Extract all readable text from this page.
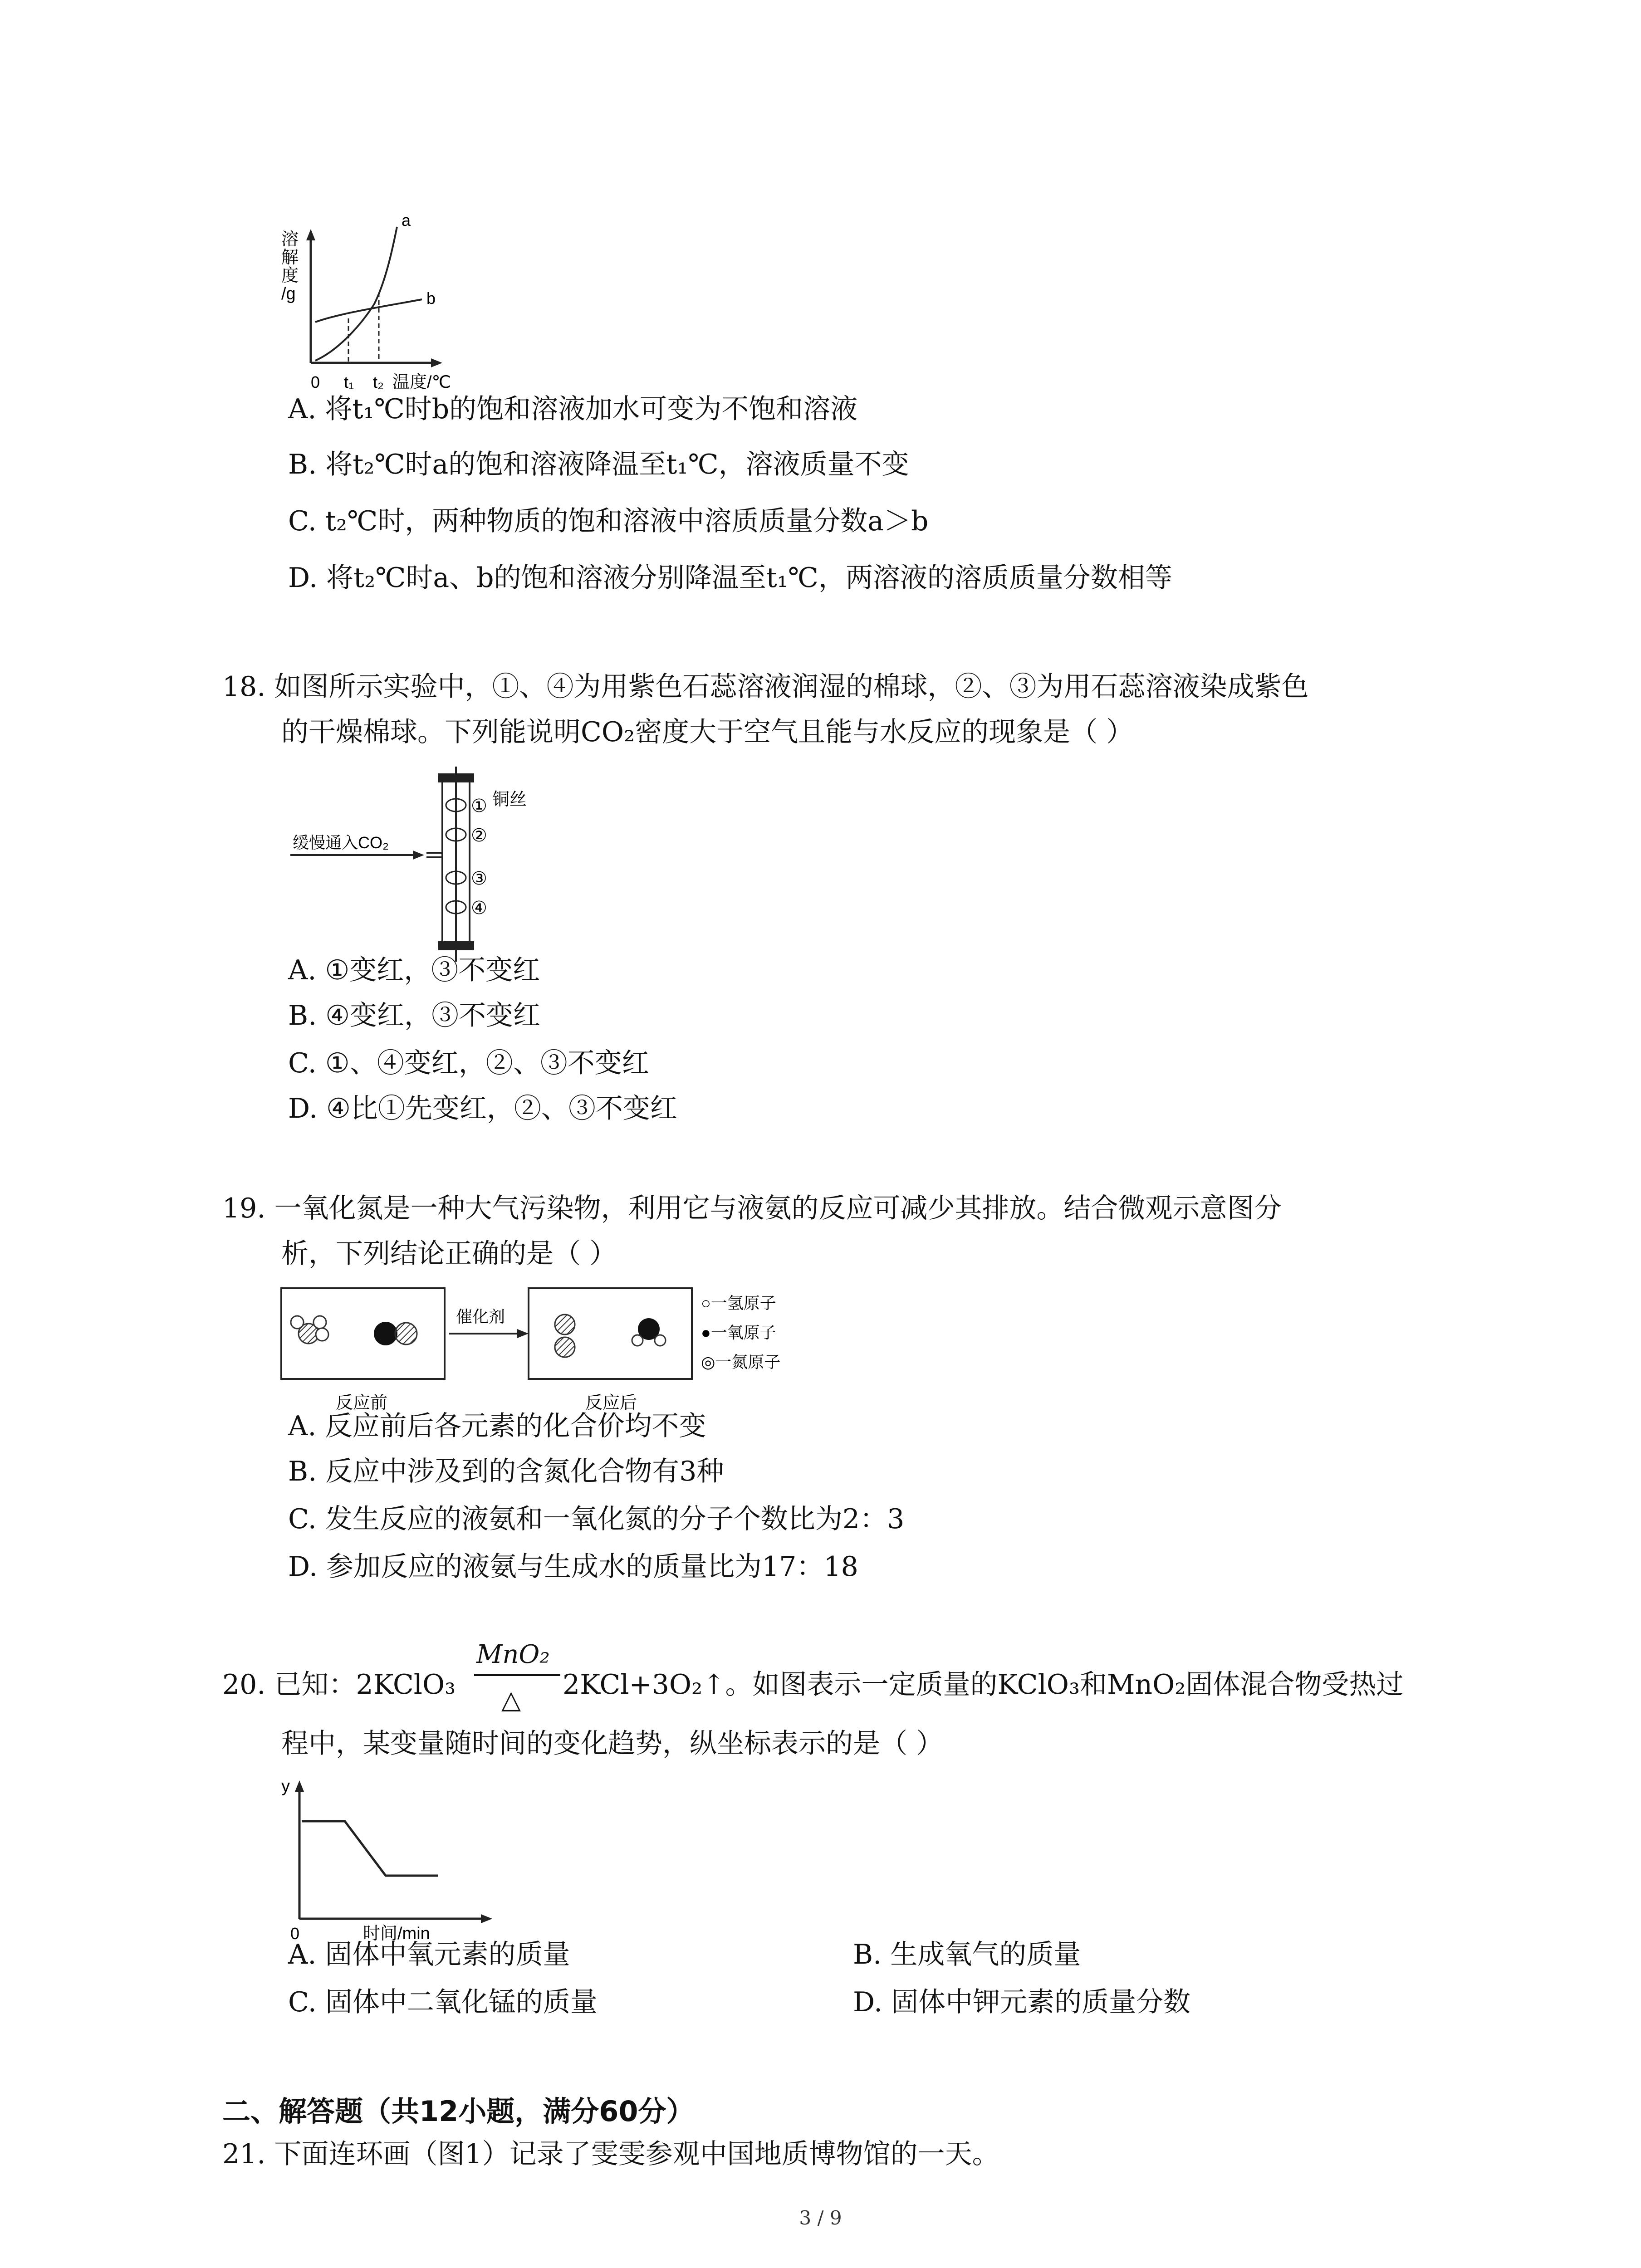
溶
解
度
/g
0 t₁ t₂ 温度/℃
a
b
A. 将t₁℃时b的饱和溶液加水可变为不饱和溶液
B. 将t₂℃时a的饱和溶液降温至t₁℃，溶液质量不变
C. t₂℃时，两种物质的饱和溶液中溶质质量分数a＞b
D. 将t₂℃时a、b的饱和溶液分别降温至t₁℃，两溶液的溶质质量分数相等
18. 如图所示实验中，①、④为用紫色石蕊溶液润湿的棉球，②、③为用石蕊溶液染成紫色
的干燥棉球。下列能说明CO₂密度大于空气且能与水反应的现象是（ ）
①
②
③
④
缓慢通入CO₂
铜丝
A. ①变红，③不变红
B. ④变红，③不变红
C. ①、④变红，②、③不变红
D. ④比①先变红，②、③不变红
19. 一氧化氮是一种大气污染物，利用它与液氨的反应可减少其排放。结合微观示意图分
析，下列结论正确的是（ ）
催化剂
○一氢原子
●一氧原子
◎一氮原子
反应前	反应后
A. 反应前后各元素的化合价均不变
B. 反应中涉及到的含氮化合物有3种
C. 发生反应的液氨和一氧化氮的分子个数比为2：3
D. 参加反应的液氨与生成水的质量比为17：18
20. 已知：2KClO₃
MnO₂
△ 2KCl+3O₂↑。如图表示一定质量的KClO₃和MnO₂固体混合物受热过
程中，某变量随时间的变化趋势，纵坐标表示的是（ ）
y
0	时间/min
A. 固体中氧元素的质量	B. 生成氧气的质量
C. 固体中二氧化锰的质量	D. 固体中钾元素的质量分数
二、解答题（共12小题，满分60分）
21. 下面连环画（图1）记录了雯雯参观中国地质博物馆的一天。
3 / 9
